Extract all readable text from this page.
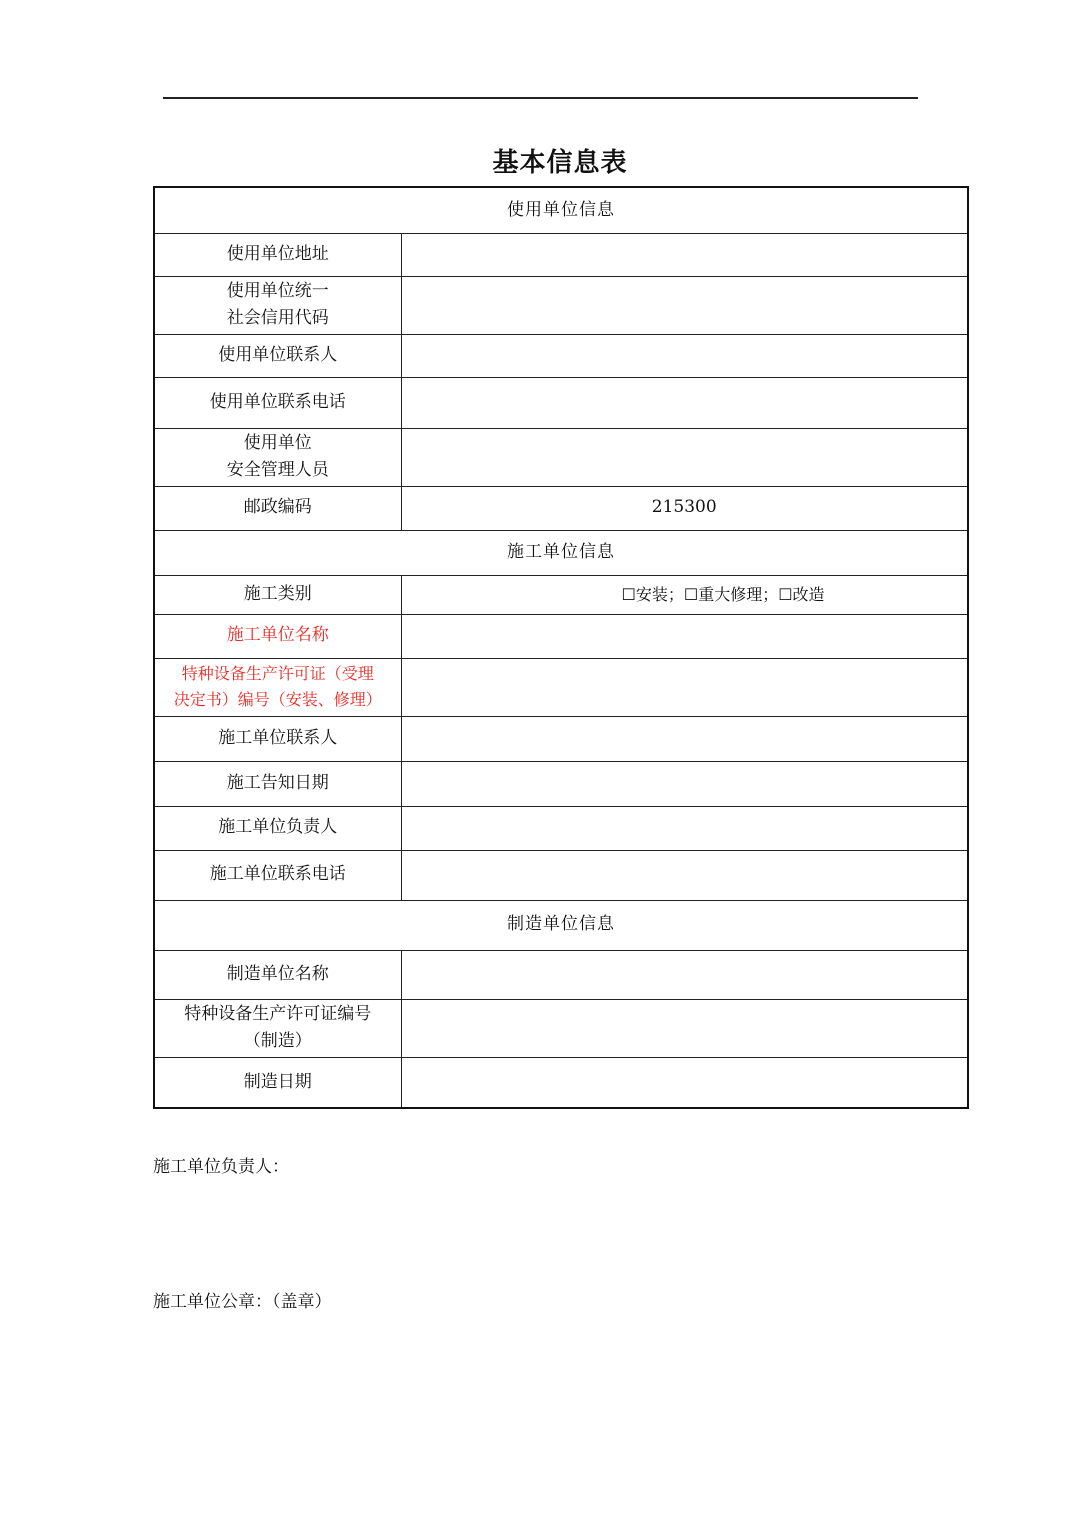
基本信息表
使用单位信息	

使用单位地址	

使用单位统一
社会信用代码	

使用单位联系人	

使用单位联系电话	

使用单位
安全管理人员	

邮政编码	215300
施工单位信息	

施工类别	☐安装；☐重大修理；☐改造

施工单位名称	

特种设备生产许可证（受理
决定书）编号（安装、修理）	

施工单位联系人	

施工告知日期	

施工单位负责人	

施工单位联系电话	

制造单位信息	

制造单位名称	

特种设备生产许可证编号
（制造）	

制造日期	

施工单位负责人：
施工单位公章：（盖章）
